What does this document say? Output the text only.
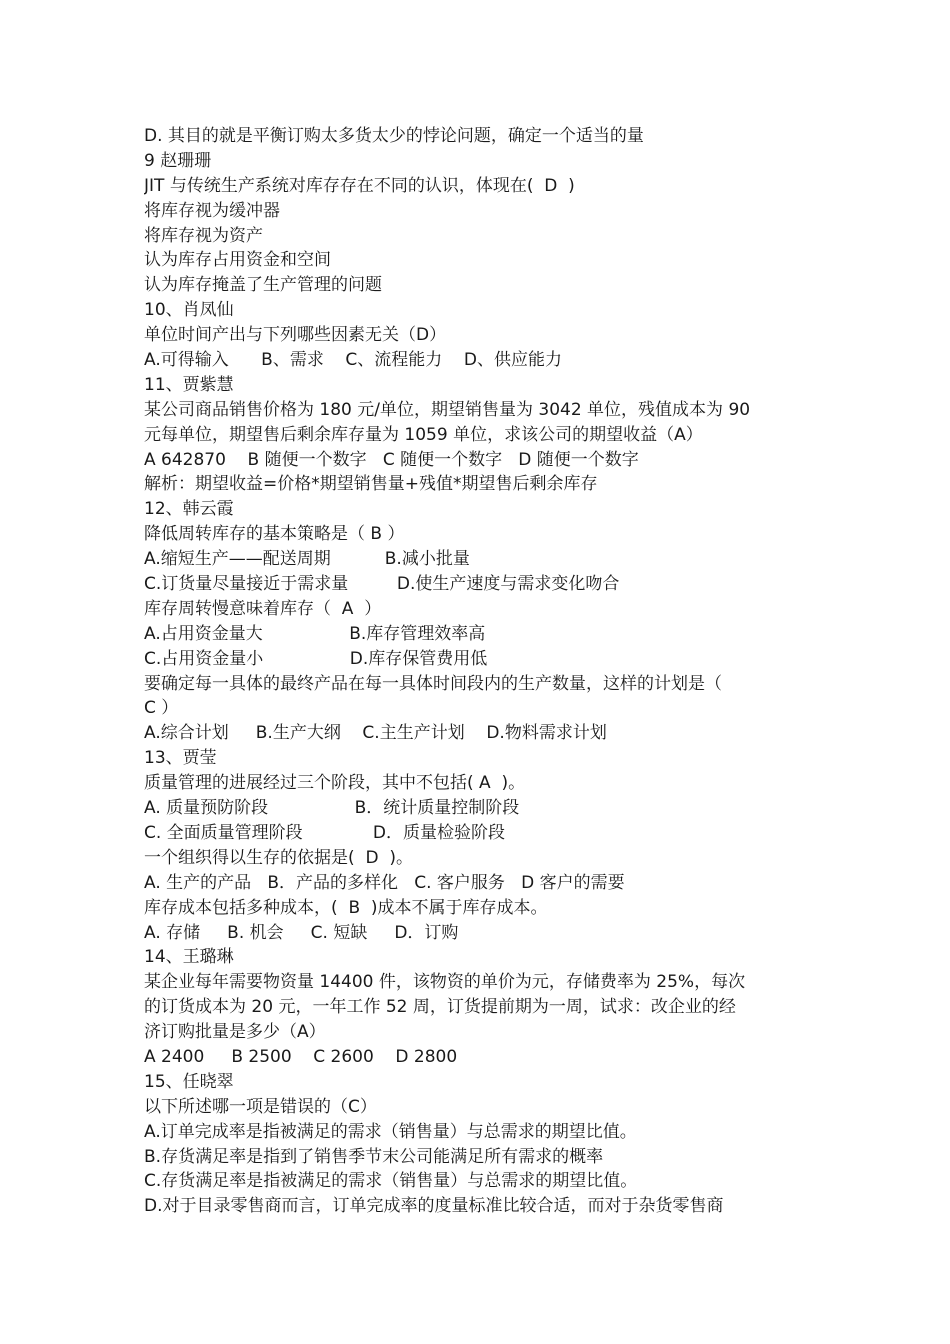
D. 其目的就是平衡订购太多货太少的悖论问题，确定一个适当的量
9 赵珊珊
JIT 与传统生产系统对库存存在不同的认识，体现在(  D  )
将库存视为缓冲器
将库存视为资产
认为库存占用资金和空间
认为库存掩盖了生产管理的问题
10、肖凤仙
单位时间产出与下列哪些因素无关（D）
A.可得输入      B、需求    C、流程能力    D、供应能力
11、贾紫慧
某公司商品销售价格为 180 元/单位，期望销售量为 3042 单位，残值成本为 90
元每单位，期望售后剩余库存量为 1059 单位，求该公司的期望收益（A）
A 642870    B 随便一个数字   C 随便一个数字   D 随便一个数字
解析：期望收益=价格*期望销售量+残值*期望售后剩余库存
12、韩云霞
降低周转库存的基本策略是（ B ）
A.缩短生产——配送周期          B.减小批量
C.订货量尽量接近于需求量         D.使生产速度与需求变化吻合
库存周转慢意味着库存（  A  ）
A.占用资金量大                B.库存管理效率高
C.占用资金量小                D.库存保管费用低
要确定每一具体的最终产品在每一具体时间段内的生产数量，这样的计划是（
C ）
A.综合计划     B.生产大纲    C.主生产计划    D.物料需求计划
13、贾莹
质量管理的进展经过三个阶段，其中不包括( A  )。
A. 质量预防阶段                B．统计质量控制阶段
C. 全面质量管理阶段             D．质量检验阶段
一个组织得以生存的依据是(  D  )。
A. 生产的产品   B．产品的多样化   C. 客户服务   D 客户的需要
库存成本包括多种成本，(  B  )成本不属于库存成本。
A. 存储     B. 机会     C. 短缺     D．订购
14、王璐琳
某企业每年需要物资量 14400 件，该物资的单价为元，存储费率为 25%，每次
的订货成本为 20 元，一年工作 52 周，订货提前期为一周，试求：改企业的经
济订购批量是多少（A）
A 2400     B 2500    C 2600    D 2800
15、任晓翠
以下所述哪一项是错误的（C）
A.订单完成率是指被满足的需求（销售量）与总需求的期望比值。
B.存货满足率是指到了销售季节末公司能满足所有需求的概率
C.存货满足率是指被满足的需求（销售量）与总需求的期望比值。
D.对于目录零售商而言，订单完成率的度量标准比较合适，而对于杂货零售商
